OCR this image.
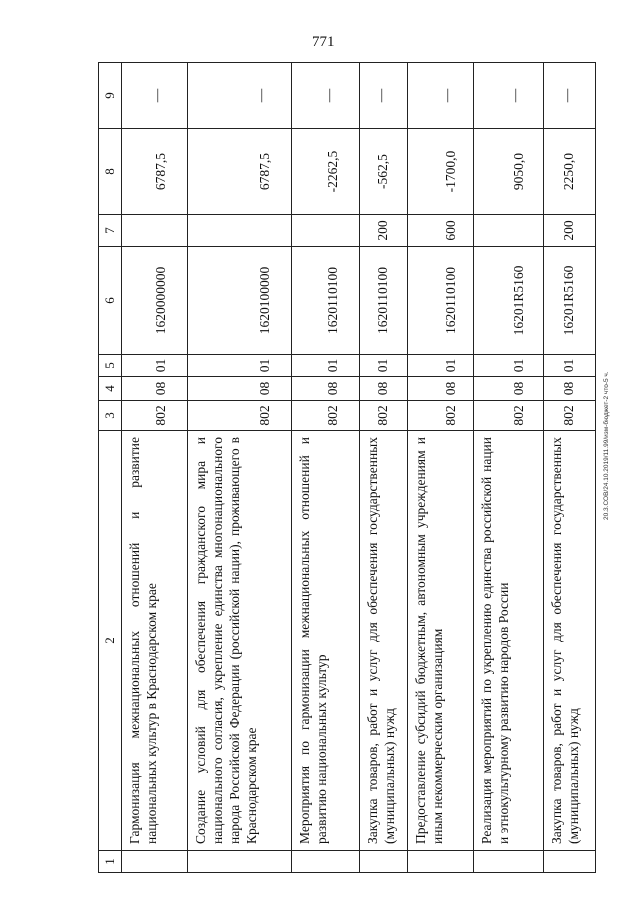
771
20.3.СОВ/24.10.2019/11.99/изм-бюджет-2 что-5 ч.
1	2	3	4	5	6	7	8	9
	Гармонизация межнациональных отношений и развитие национальных культур в Краснодарском крае	802	08	01	1620000000		6787,5	—

	Создание условий для обеспечения гражданского мира и национального согласия, укрепление единства многонационального народа Российской Федерации (российской нации), проживающего в Краснодарском крае	802	08	01	1620100000		6787,5	—

	Мероприятия по гармонизации межнациональных отношений и развитию национальных культур	802	08	01	1620110100		-2262,5	—

	Закупка товаров, работ и услуг для обеспечения государственных (муниципальных) нужд	802	08	01	1620110100	200	-562,5	—

	Предоставление субсидий бюджетным, автономным учреждениям и иным некоммерческим организациям	802	08	01	1620110100	600	-1700,0	—

	Реализация мероприятий по укреплению единства российской нации и этнокультурному развитию народов России	802	08	01	16201R5160		9050,0	—

	Закупка товаров, работ и услуг для обеспечения государственных (муниципальных) нужд	802	08	01	16201R5160	200	2250,0	—
